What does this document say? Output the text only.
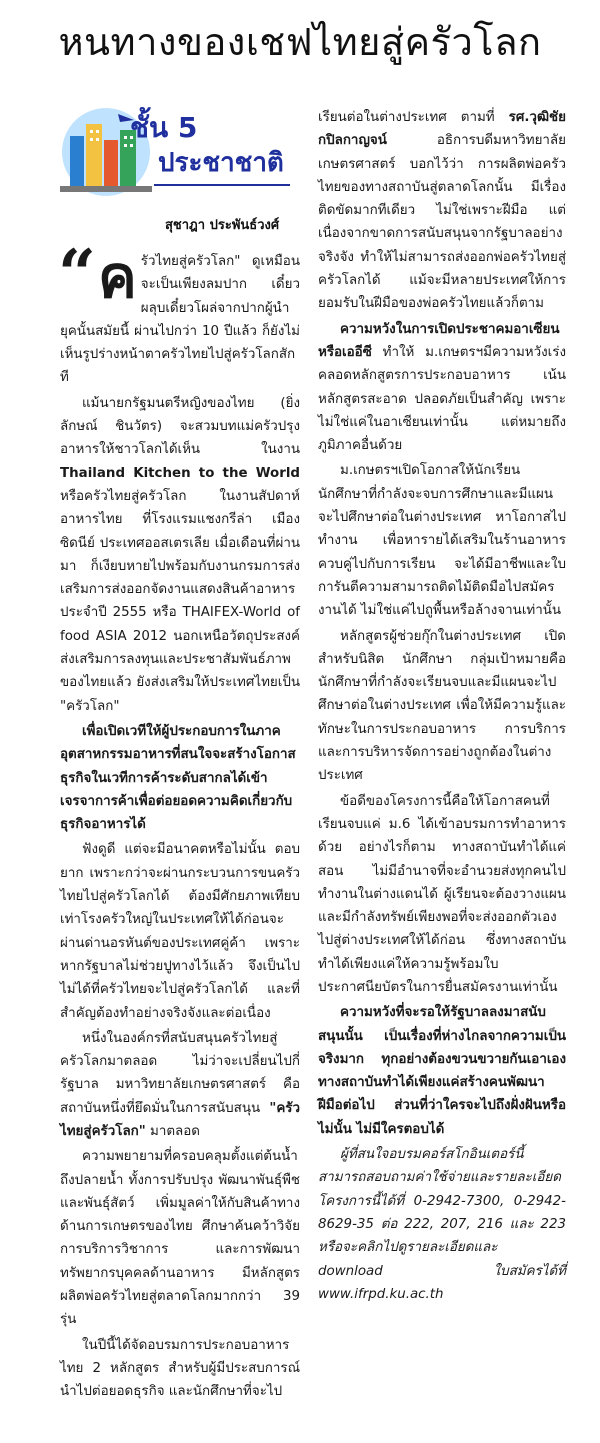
หนทางของเชฟไทยสู่ครัวโลก
ชั้น 5
ประชาชาติ
สุชาฎา ประพันธ์วงศ์

“ ค รัวไทยสู่ครัวโลก" ดูเหมือนจะเป็นเพียงลมปาก เดี๋ยวผลุบเดี๋ยวโผล่จากปากผู้นำยุคนั้นสมัยนี้ ผ่านไปกว่า 10 ปีแล้ว ก็ยังไม่เห็นรูปร่างหน้าตาครัวไทยไปสู่ครัวโลกสักที

แม้นายกรัฐมนตรีหญิงของไทย (ยิ่งลักษณ์ ชินวัตร) จะสวมบทแม่ครัวปรุงอาหารให้ชาวโลกได้เห็น ในงาน Thailand Kitchen to the World หรือครัวไทยสู่ครัวโลก ในงานสัปดาห์อาหารไทย ที่โรงแรมแชงกรีล่า เมืองซิดนีย์ ประเทศออสเตรเลีย เมื่อเดือนที่ผ่านมา ก็เงียบหายไปพร้อมกับงานกรมการส่งเสริมการส่งออกจัดงานแสดงสินค้าอาหาร ประจำปี 2555 หรือ THAIFEX-World of food ASIA 2012 นอกเหนือวัตถุประสงค์ส่งเสริมการลงทุนและประชาสัมพันธ์ภาพของไทยแล้ว ยังส่งเสริมให้ประเทศไทยเป็น "ครัวโลก"

เพื่อเปิดเวทีให้ผู้ประกอบการในภาคอุตสาหกรรมอาหารที่สนใจจะสร้างโอกาสธุรกิจในเวทีการค้าระดับสากลได้เข้าเจรจาการค้าเพื่อต่อยอดความคิดเกี่ยวกับธุรกิจอาหารได้

ฟังดูดี แต่จะมีอนาคตหรือไม่นั้น ตอบยาก เพราะกว่าจะผ่านกระบวนการขนครัวไทยไปสู่ครัวโลกได้ ต้องมีศักยภาพเทียบเท่าโรงครัวใหญ่ในประเทศให้ได้ก่อนจะผ่านด่านอรหันต์ของประเทศคู่ค้า เพราะหากรัฐบาลไม่ช่วยปูทางไว้แล้ว จึงเป็นไปไม่ได้ที่ครัวไทยจะไปสู่ครัวโลกได้ และที่สำคัญต้องทำอย่างจริงจังและต่อเนื่อง

หนึ่งในองค์กรที่สนับสนุนครัวไทยสู่ครัวโลกมาตลอด ไม่ว่าจะเปลี่ยนไปกี่รัฐบาล มหาวิทยาลัยเกษตรศาสตร์ คือสถาบันหนึ่งที่ยึดมั่นในการสนับสนุน "ครัวไทยสู่ครัวโลก" มาตลอด

ความพยายามที่ครอบคลุมตั้งแต่ต้นน้ำถึงปลายน้ำ ทั้งการปรับปรุง พัฒนาพันธุ์พืชและพันธุ์สัตว์ เพิ่มมูลค่าให้กับสินค้าทางด้านการเกษตรของไทย ศึกษาค้นคว้าวิจัย การบริการวิชาการ และการพัฒนาทรัพยากรบุคคลด้านอาหาร มีหลักสูตรผลิตพ่อครัวไทยสู่ตลาดโลกมากกว่า 39 รุ่น

ในปีนี้ได้จัดอบรมการประกอบอาหารไทย 2 หลักสูตร สำหรับผู้มีประสบการณ์นำไปต่อยอดธุรกิจ และนักศึกษาที่จะไป

เรียนต่อในต่างประเทศ ตามที่ รศ.วุฒิชัย กปิลกาญจน์ อธิการบดีมหาวิทยาลัยเกษตรศาสตร์ บอกไว้ว่า การผลิตพ่อครัวไทยของทางสถาบันสู่ตลาดโลกนั้น มีเรื่องติดขัดมากทีเดียว ไม่ใช่เพราะฝีมือ แต่เนื่องจากขาดการสนับสนุนจากรัฐบาลอย่างจริงจัง ทำให้ไม่สามารถส่งออกพ่อครัวไทยสู่ครัวโลกได้ แม้จะมีหลายประเทศให้การยอมรับในฝีมือของพ่อครัวไทยแล้วก็ตาม

ความหวังในการเปิดประชาคมอาเซียน หรือเออีซี ทำให้ ม.เกษตรฯมีความหวังเร่งคลอดหลักสูตรการประกอบอาหาร เน้นหลักสูตรสะอาด ปลอดภัยเป็นสำคัญ เพราะไม่ใช่แค่ในอาเซียนเท่านั้น แต่หมายถึงภูมิภาคอื่นด้วย

ม.เกษตรฯเปิดโอกาสให้นักเรียนนักศึกษาที่กำลังจะจบการศึกษาและมีแผนจะไปศึกษาต่อในต่างประเทศ หาโอกาสไปทำงาน เพื่อหารายได้เสริมในร้านอาหาร ควบคู่ไปกับการเรียน จะได้มีอาชีพและใบการันตีความสามารถติดไม้ติดมือไปสมัครงานได้ ไม่ใช่แค่ไปถูพื้นหรือล้างจานเท่านั้น

หลักสูตรผู้ช่วยกุ๊กในต่างประเทศ เปิดสำหรับนิสิต นักศึกษา กลุ่มเป้าหมายคือนักศึกษาที่กำลังจะเรียนจบและมีแผนจะไปศึกษาต่อในต่างประเทศ เพื่อให้มีความรู้และทักษะในการประกอบอาหาร การบริการ และการบริหารจัดการอย่างถูกต้องในต่างประเทศ

ข้อดีของโครงการนี้คือให้โอกาสคนที่เรียนจบแค่ ม.6 ได้เข้าอบรมการทำอาหารด้วย อย่างไรก็ตาม ทางสถาบันทำได้แค่สอน ไม่มีอำนาจที่จะอำนวยส่งทุกคนไปทำงานในต่างแดนได้ ผู้เรียนจะต้องวางแผนและมีกำลังทรัพย์เพียงพอที่จะส่งออกตัวเองไปสู่ต่างประเทศให้ได้ก่อน ซึ่งทางสถาบันทำได้เพียงแค่ให้ความรู้พร้อมใบประกาศนียบัตรในการยื่นสมัครงานเท่านั้น

ความหวังที่จะรอให้รัฐบาลลงมาสนับสนุนนั้น เป็นเรื่องที่ห่างไกลจากความเป็นจริงมาก ทุกอย่างต้องขวนขวายกันเอาเองทางสถาบันทำได้เพียงแค่สร้างคนพัฒนาฝีมือต่อไป ส่วนที่ว่าใครจะไปถึงฝั่งฝันหรือไม่นั้น ไม่มีใครตอบได้

ผู้ที่สนใจอบรมคอร์สโกอินเตอร์นี้ สามารถสอบถามค่าใช้จ่ายและรายละเอียดโครงการนี้ได้ที่ 0-2942-7300, 0-2942-8629-35 ต่อ 222, 207, 216 และ 223 หรือจะคลิกไปดูรายละเอียดและ download ใบสมัครได้ที่ www.ifrpd.ku.ac.th
